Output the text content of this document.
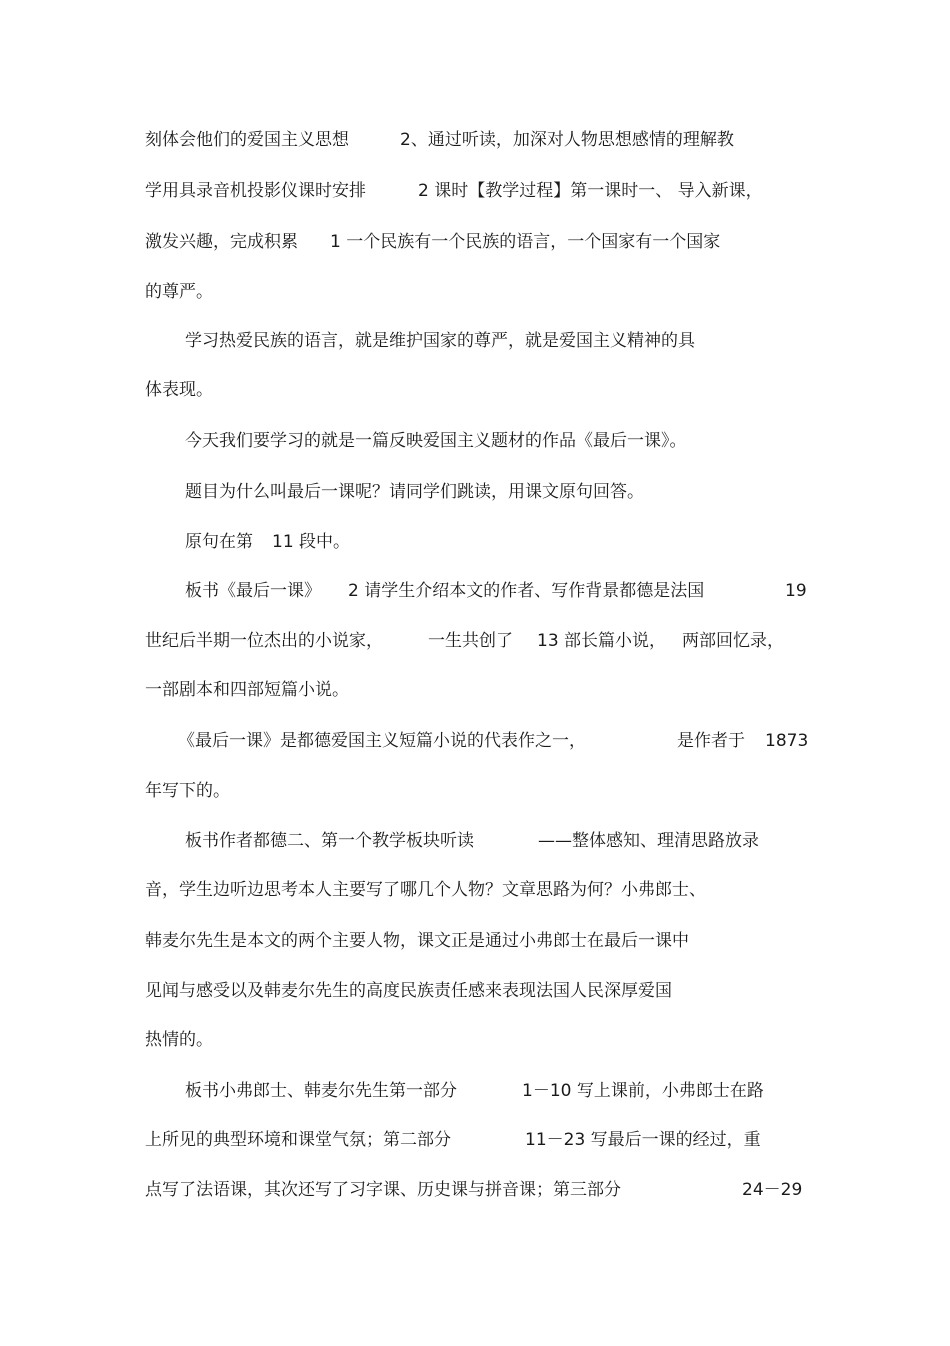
刻体会他们的爱国主义思想

	2、通过听读，加深对人物思想感情的理解教

学用具录音机投影仪课时安排

	2 课时【教学过程】第一课时一、 导入新课，

激发兴趣，完成积累

1 一个民族有一个民族的语言，一个国家有一个国家

的尊严。

学习热爱民族的语言，就是维护国家的尊严，就是爱国主义精神的具

体表现。

今天我们要学习的就是一篇反映爱国主义题材的作品《最后一课》。

题目为什么叫最后一课呢？请同学们跳读，用课文原句回答。

原句在第

11 段中。

板书《最后一课》

2 请学生介绍本文的作者、写作背景都德是法国

	19

世纪后半期一位杰出的小说家，

	一生共创了

13 部长篇小说，

两部回忆录，

一部剧本和四部短篇小说。

《最后一课》是都德爱国主义短篇小说的代表作之一，

	是作者于

1873

年写下的。

板书作者都德二、第一个教学板块听读

	——整体感知、理清思路放录

音，学生边听边思考本人主要写了哪几个人物？文章思路为何？小弗郎士、

韩麦尔先生是本文的两个主要人物，课文正是通过小弗郎士在最后一课中

见闻与感受以及韩麦尔先生的高度民族责任感来表现法国人民深厚爱国

热情的。

板书小弗郎士、韩麦尔先生第一部分

	1－10 写上课前，小弗郎士在路

上所见的典型环境和课堂气氛；第二部分

	11－23 写最后一课的经过，重

点写了法语课，其次还写了习字课、历史课与拼音课；第三部分

	24－29
